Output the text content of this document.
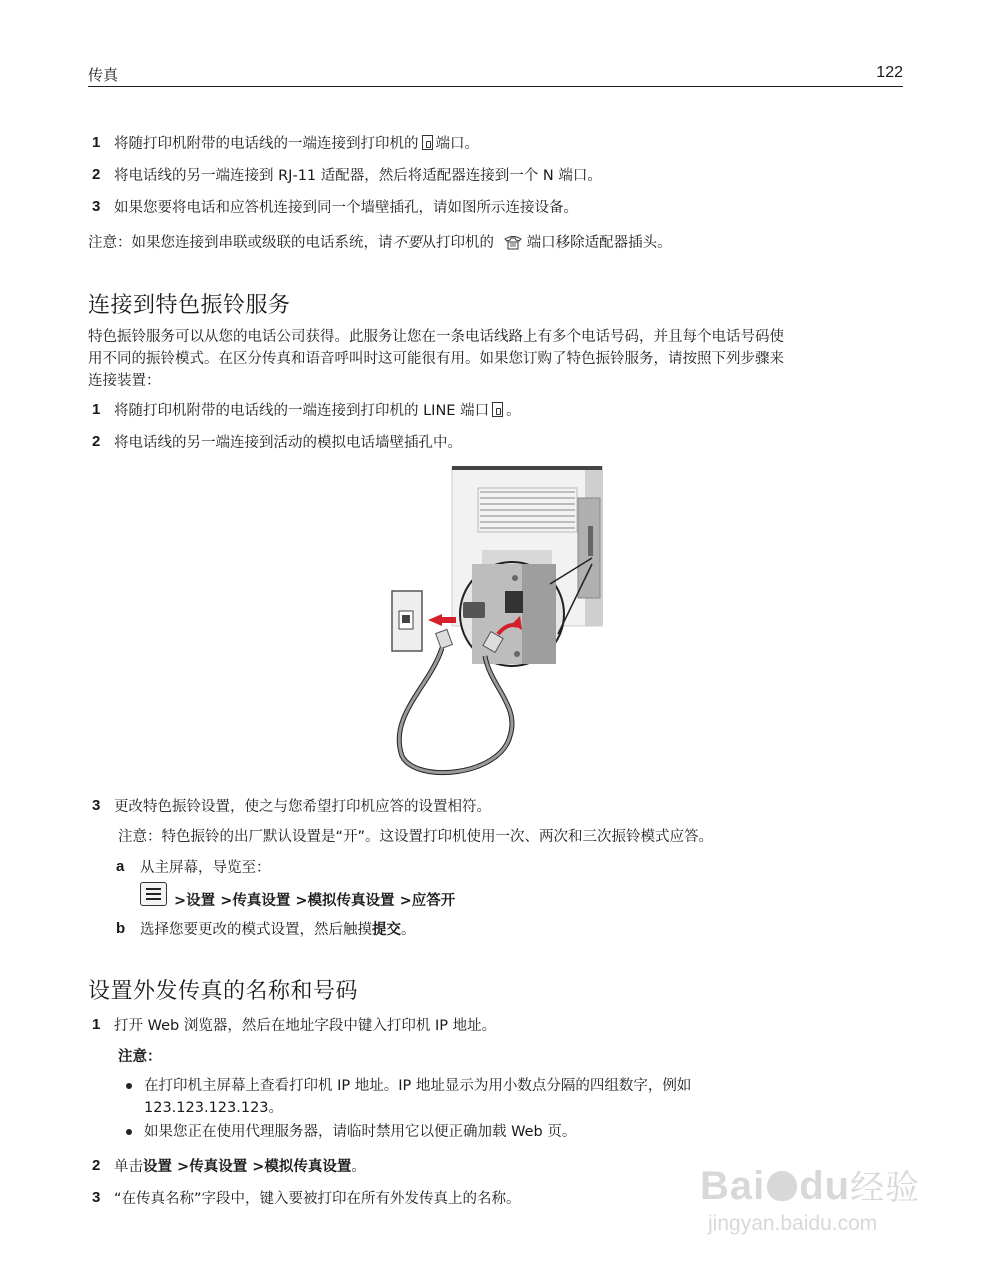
传真	122
1 将随打印机附带的电话线的一端连接到打印机的 端口。
2 将电话线的另一端连接到 RJ‑11 适配器，然后将适配器连接到一个 N 端口。
3 如果您要将电话和应答机连接到同一个墙壁插孔，请如图所示连接设备。
注意：如果您连接到串联或级联的电话系统，请不要从打印机的 端口移除适配器插头。
连接到特色振铃服务
特色振铃服务可以从您的电话公司获得。此服务让您在一条电话线路上有多个电话号码，并且每个电话号码使
用不同的振铃模式。在区分传真和语音呼叫时这可能很有用。如果您订购了特色振铃服务，请按照下列步骤来
连接装置：
1 将随打印机附带的电话线的一端连接到打印机的 LINE 端口 。
2 将电话线的另一端连接到活动的模拟电话墙壁插孔中。
3 更改特色振铃设置，使之与您希望打印机应答的设置相符。
注意：特色振铃的出厂默认设置是“开”。这设置打印机使用一次、两次和三次振铃模式应答。
a 从主屏幕，导览至：
>设置 >传真设置 >模拟传真设置 >应答开
b 选择您要更改的模式设置，然后触摸提交。
设置外发传真的名称和号码
1 打开 Web 浏览器，然后在地址字段中键入打印机 IP 地址。
注意：
在打印机主屏幕上查看打印机 IP 地址。IP 地址显示为用小数点分隔的四组数字，例如
123.123.123.123。
如果您正在使用代理服务器，请临时禁用它以便正确加载 Web 页。
2 单击设置 >传真设置 >模拟传真设置。
3 “在传真名称”字段中，键入要被打印在所有外发传真上的名称。	Bai du经验
jingyan.baidu.com
